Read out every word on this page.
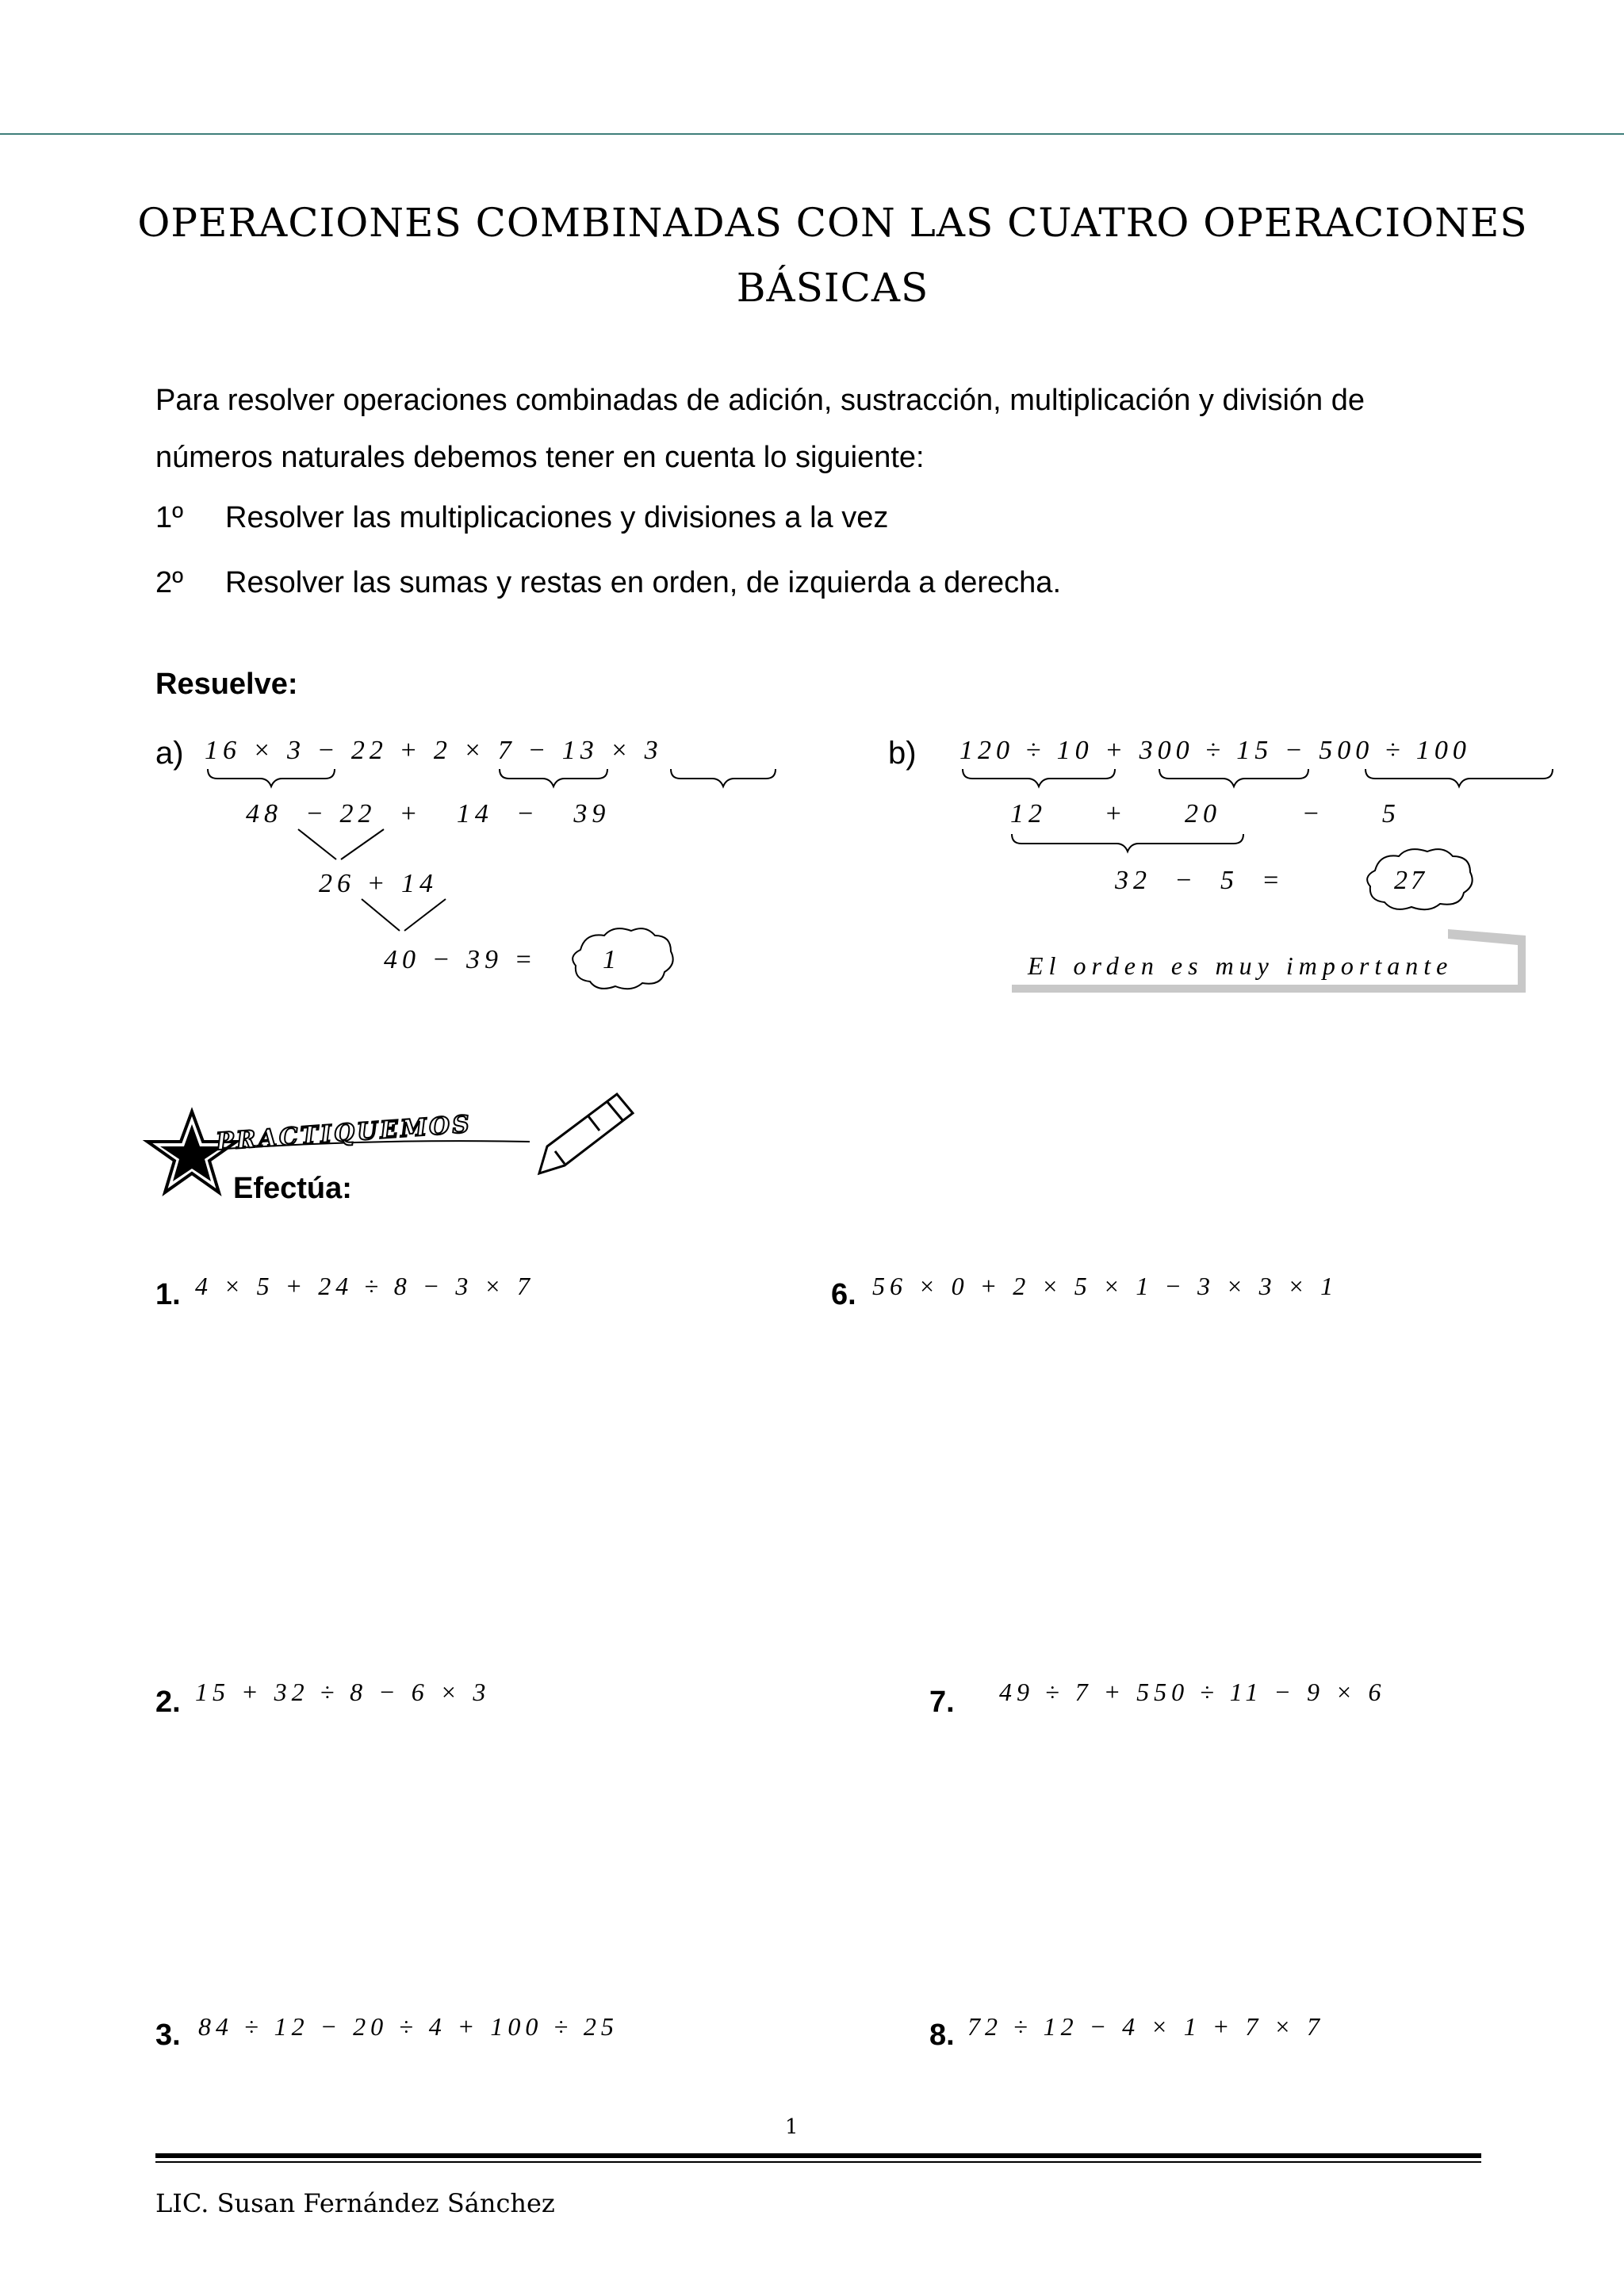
OPERACIONES COMBINADAS CON LAS CUATRO OPERACIONES
BÁSICAS
Para resolver operaciones combinadas de adición, sustracción, multiplicación y división de
números naturales debemos tener en cuenta lo siguiente:
1º Resolver las multiplicaciones y divisiones a la vez
2º Resolver las sumas y restas en orden, de izquierda a derecha.
Resuelve:
a) 16 × 3 − 22 + 2 × 7 − 13 × 3
48  − 22  +   14  −   39
26 + 14
40 − 39 = 1
b) 120 ÷ 10 + 300 ÷ 15 − 500 ÷ 100
12     +     20       −     5
32  −  5  =	27
El orden es muy importante
PRACTIQUEMOS
Efectúa:
1. 4 × 5 + 24 ÷ 8 − 3 × 7	6. 56 × 0 + 2 × 5 × 1 − 3 × 3 × 1
2. 15 + 32 ÷ 8 − 6 × 3	7. 49 ÷ 7 + 550 ÷ 11 − 9 × 6
3. 84 ÷ 12 − 20 ÷ 4 + 100 ÷ 25	8. 72 ÷ 12 − 4 × 1 + 7 × 7
1
LIC. Susan Fernández Sánchez
